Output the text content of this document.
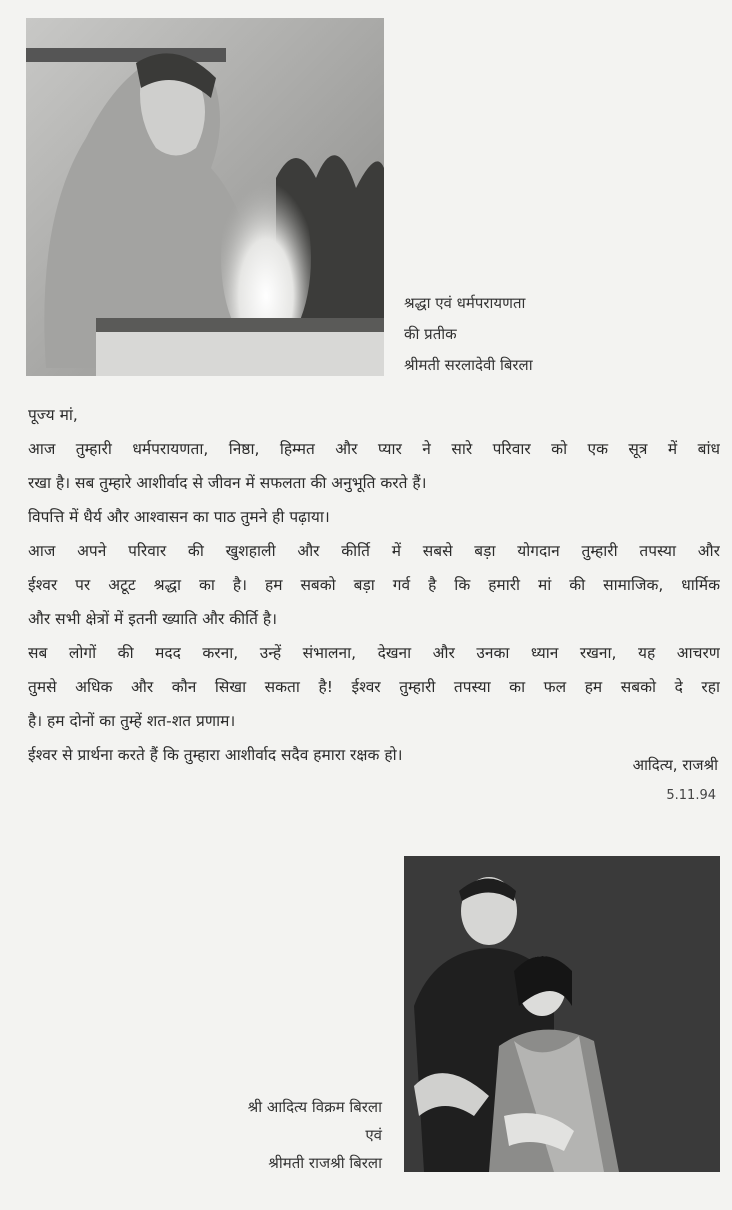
श्रद्धा एवं धर्मपरायणता
की प्रतीक
श्रीमती सरलादेवी बिरला
पूज्य मां,
आज तुम्हारी धर्मपरायणता, निष्ठा, हिम्मत और प्यार ने सारे परिवार को एक सूत्र में बांध
रखा है। सब तुम्हारे आशीर्वाद से जीवन में सफलता की अनुभूति करते हैं।
विपत्ति में धैर्य और आश्वासन का पाठ तुमने ही पढ़ाया।
आज अपने परिवार की खुशहाली और कीर्ति में सबसे बड़ा योगदान तुम्हारी तपस्या और
ईश्वर पर अटूट श्रद्धा का है। हम सबको बड़ा गर्व है कि हमारी मां की सामाजिक, धार्मिक
और सभी क्षेत्रों में इतनी ख्याति और कीर्ति है।
सब लोगों की मदद करना, उन्हें संभालना, देखना और उनका ध्यान रखना, यह आचरण
तुमसे अधिक और कौन सिखा सकता है! ईश्वर तुम्हारी तपस्या का फल हम सबको दे रहा
है। हम दोनों का तुम्हें शत-शत प्रणाम।
ईश्वर से प्रार्थना करते हैं कि तुम्हारा आशीर्वाद सदैव हमारा रक्षक हो।
आदित्य, राजश्री
5.11.94
श्री आदित्य विक्रम बिरला
एवं
श्रीमती राजश्री बिरला
